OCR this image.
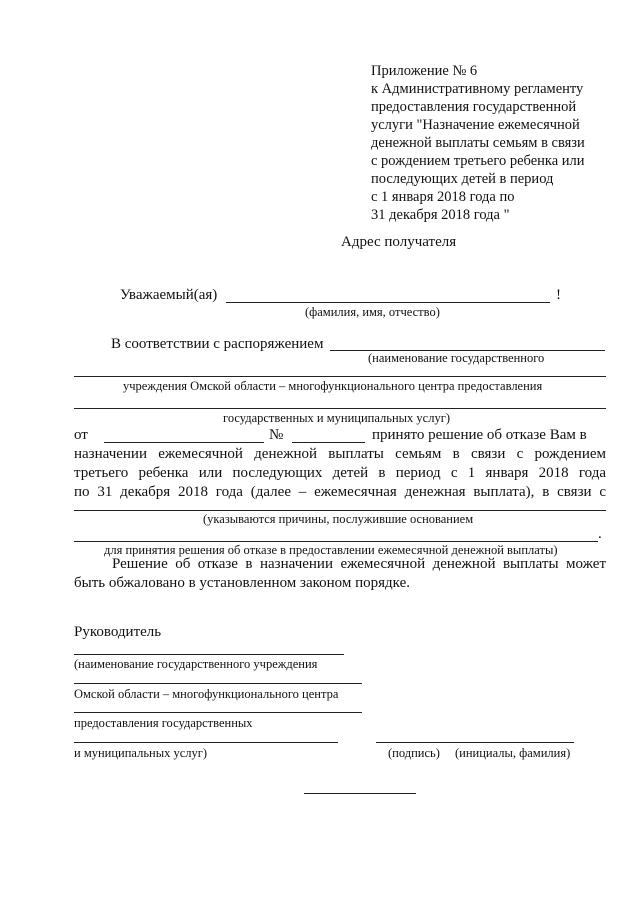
Приложение № 6
к Административному регламенту
предоставления государственной
услуги "Назначение ежемесячной
денежной выплаты семьям в связи
с рождением третьего ребенка или
последующих детей в период
с 1 января 2018 года по
31 декабря 2018 года "
Адрес получателя
Уважаемый(ая)	!
(фамилия, имя, отчество)
В соответствии с распоряжением
(наименование государственного
учреждения Омской области – многофункционального центра предоставления
государственных и муниципальных услуг)
от	№	принято решение об отказе Вам в
назначении ежемесячной денежной выплаты семьям в связи с рождением
третьего ребенка или последующих детей в период с 1 января 2018 года
по 31 декабря 2018 года (далее – ежемесячная денежная выплата), в связи с
(указываются причины, послужившие основанием
.
для принятия решения об отказе в предоставлении ежемесячной денежной выплаты)
Решение об отказе в назначении ежемесячной денежной выплаты может
быть обжаловано в установленном законом порядке.
Руководитель
(наименование государственного учреждения
Омской области – многофункционального центра
предоставления государственных
и муниципальных услуг)	(подпись) (инициалы, фамилия)
